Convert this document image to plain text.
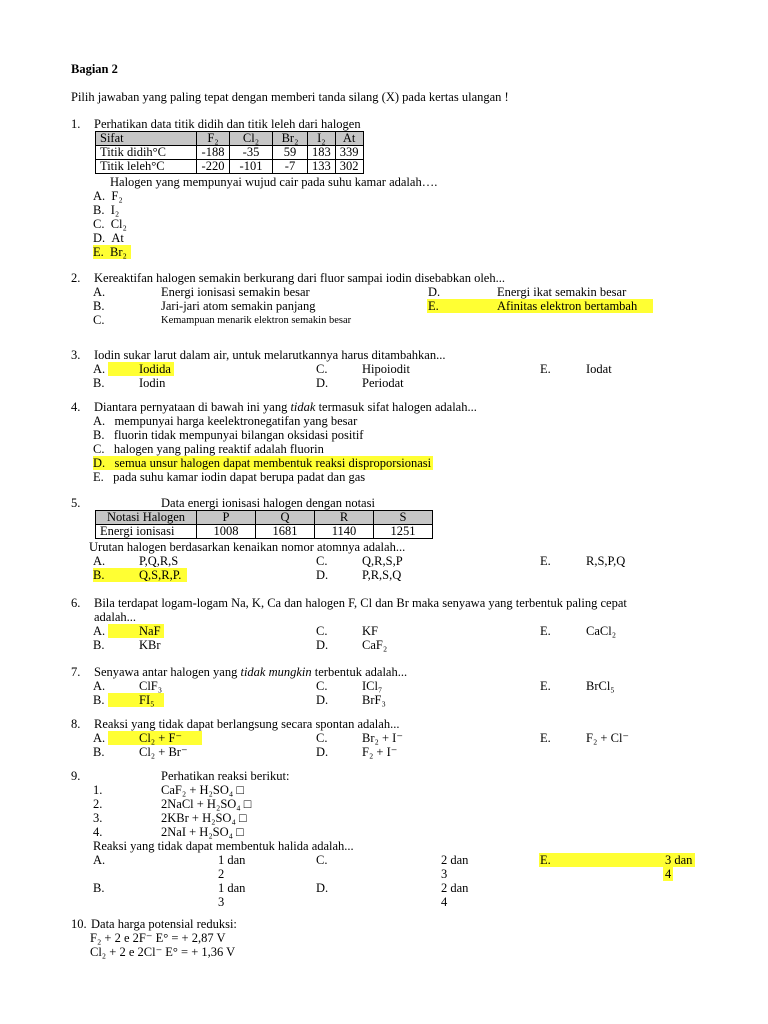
Bagian 2
Pilih jawaban yang paling tepat dengan memberi tanda silang (X) pada kertas ulangan !
1. Perhatikan data titik didih dan titik leleh dari halogen
Sifat	F₂	Cl₂	Br₂	I₂	At
Titik didih°C	-188	-35	59	183	339
Titik leleh°C	-220	-101	-7	133	302
Halogen yang mempunyai wujud cair pada suhu kamar adalah….
A. F₂
B. I₂
C. Cl₂
D. At
E. Br₂
2. Kereaktifan halogen semakin berkurang dari fluor sampai iodin disebabkan oleh...
A.	Energi ionisasi semakin besar
B.	Jari-jari atom semakin panjang
C.	Kemampuan menarik elektron semakin besar
D.	Energi ikat semakin besar
E.	Afinitas elektron bertambah
3. Iodin sukar larut dalam air, untuk melarutkannya harus ditambahkan...
A.	Iodida
B.	Iodin
C.	Hipoiodit
D.	Periodat
E.	Iodat
4. Diantara pernyataan di bawah ini yang tidak termasuk sifat halogen adalah...
A. mempunyai harga keelektronegatifan yang besar
B. fluorin tidak mempunyai bilangan oksidasi positif
C. halogen yang paling reaktif adalah fluorin
D. semua unsur halogen dapat membentuk reaksi disproporsionasi
E. pada suhu kamar iodin dapat berupa padat dan gas
5.	Data energi ionisasi halogen dengan notasi
Notasi Halogen	P	Q	R	S
Energi ionisasi	1008	1681	1140	1251
Urutan halogen berdasarkan kenaikan nomor atomnya adalah...
A.	P,Q,R,S
B.	Q,S,R,P.
C.	Q,R,S,P
D.	P,R,S,Q
E.	R,S,P,Q
6. Bila terdapat logam-logam Na, K, Ca dan halogen F, Cl dan Br maka senyawa yang terbentuk paling cepat
adalah...
A.	NaF
B.	KBr
C.	KF
D.	CaF₂
E.	CaCl₂
7. Senyawa antar halogen yang tidak mungkin terbentuk adalah...
A.	ClF₃
B.	FI₅
C.	ICl₇
D.	BrF₃
E.	BrCl₅
8. Reaksi yang tidak dapat berlangsung secara spontan adalah...
A.	Cl₂ + F⁻
B.	Cl₂ + Br⁻
C.	Br₂ + I⁻
D.	F₂ + I⁻
E.	F₂ + Cl⁻
9.	Perhatikan reaksi berikut:
1.	CaF₂ + H₂SO₄ □
2.	2NaCl + H₂SO₄ □
3.	2KBr + H₂SO₄ □
4.	2NaI + H₂SO₄ □
Reaksi yang tidak dapat membentuk halida adalah...
A.	1 dan
2
B.	1 dan
3
C.	2 dan
3
D.	2 dan
4
E.	3 dan
4
10. Data harga potensial reduksi:
F₂ + 2 e 2F⁻ E° = + 2,87 V
Cl₂ + 2 e 2Cl⁻ E° = + 1,36 V
